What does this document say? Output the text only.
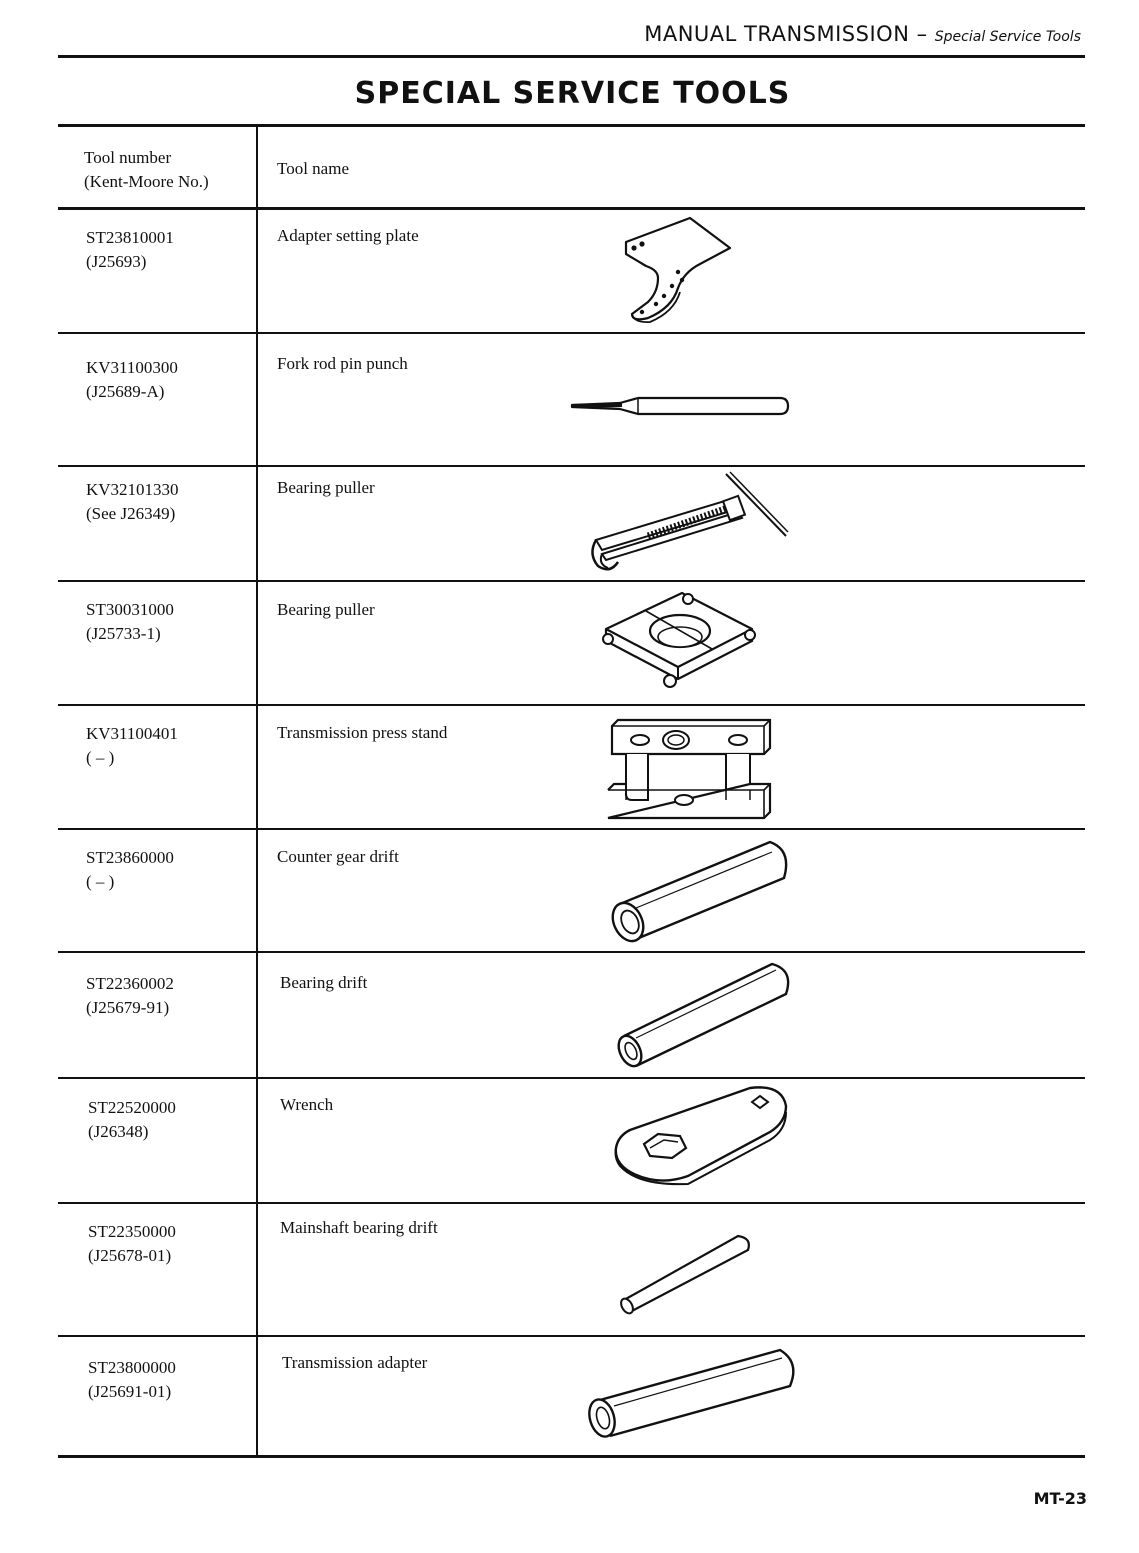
MANUAL TRANSMISSION – Special Service Tools
SPECIAL SERVICE TOOLS
Tool number
(Kent-Moore No.)
Tool name
ST23810001
(J25693)
Adapter setting plate
KV31100300
(J25689-A)
Fork rod pin punch
KV32101330
(See J26349)
Bearing puller
ST30031000
(J25733-1)
Bearing puller
KV31100401
( – )
Transmission press stand
ST23860000
( – )
Counter gear drift
ST22360002
(J25679-91)
Bearing drift
ST22520000
(J26348)
Wrench
ST22350000
(J25678-01)
Mainshaft bearing drift
ST23800000
(J25691-01)
Transmission adapter
MT-23
